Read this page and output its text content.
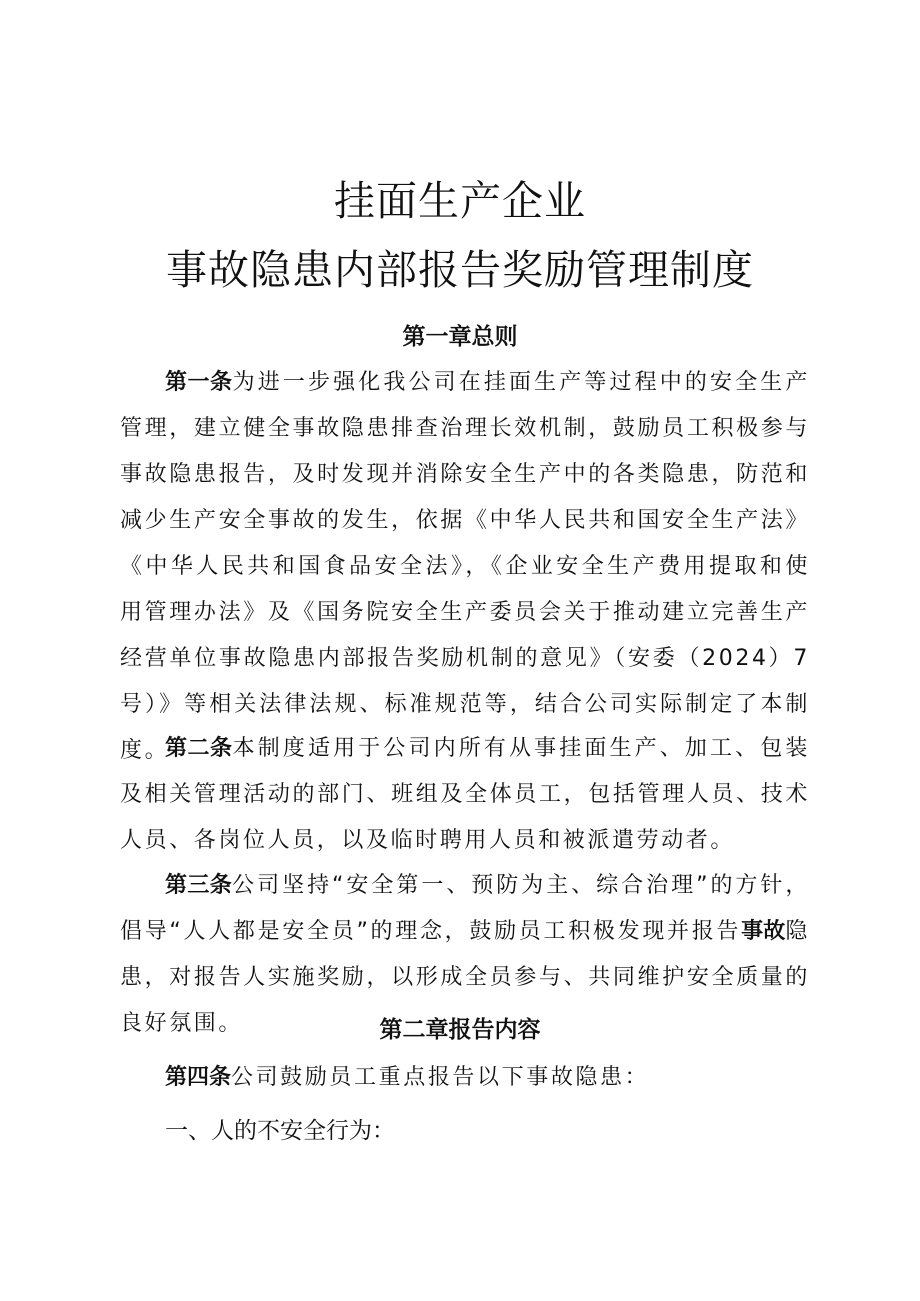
挂面生产企业
事故隐患内部报告奖励管理制度
第一章总则

第一条为进一步强化我公司在挂面生产等过程中的安全生产管理，建立健全事故隐患排查治理长效机制，鼓励员工积极参与事故隐患报告，及时发现并消除安全生产中的各类隐患，防范和减少生产安全事故的发生，依据《中华人民共和国安全生产法》《中华人民共和国食品安全法》，《企业安全生产费用提取和使用管理办法》及《国务院安全生产委员会关于推动建立完善生产经营单位事故隐患内部报告奖励机制的意见》（安委（2024）7号）》等相关法律法规、标准规范等，结合公司实际制定了本制度。

第二条本制度适用于公司内所有从事挂面生产、加工、包装及相关管理活动的部门、班组及全体员工，包括管理人员、技术人员、各岗位人员，以及临时聘用人员和被派遣劳动者。

第三条公司坚持“安全第一、预防为主、综合治理”的方针，倡导“人人都是安全员”的理念，鼓励员工积极发现并报告事故隐患，对报告人实施奖励，以形成全员参与、共同维护安全质量的良好氛围。	第二章报告内容

第四条公司鼓励员工重点报告以下事故隐患：

一、人的不安全行为：
